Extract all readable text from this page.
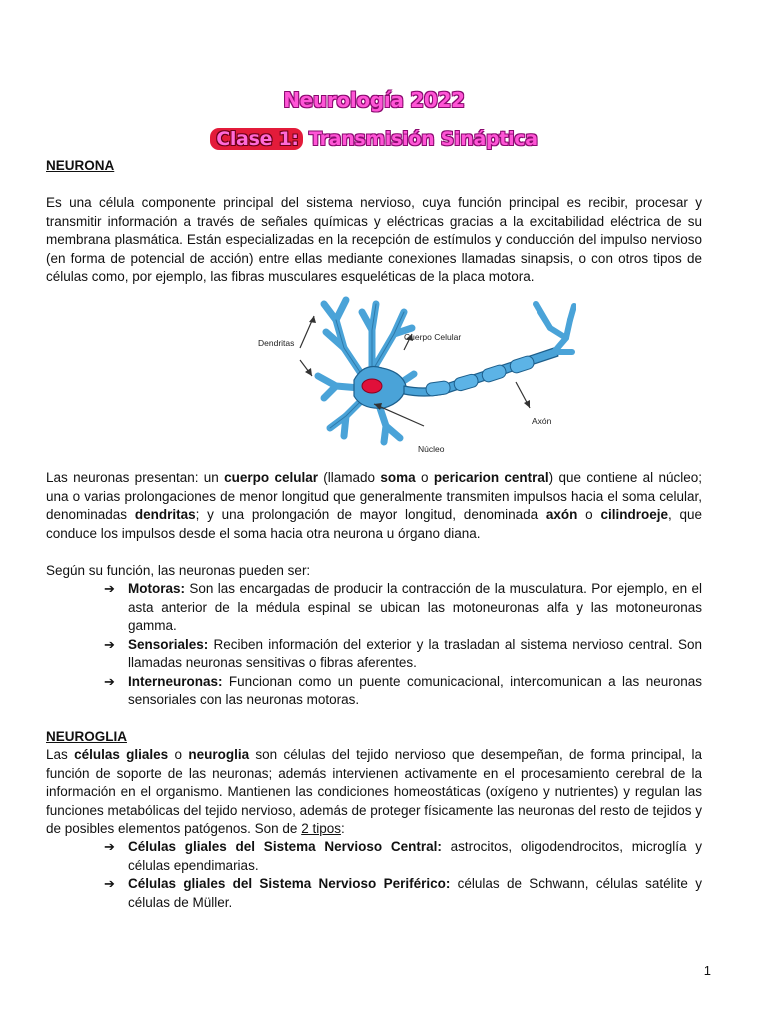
Neurología 2022
Clase 1: Transmisión Sináptica
NEURONA

Es una célula componente principal del sistema nervioso, cuya función principal es recibir, procesar y transmitir información a través de señales químicas y eléctricas gracias a la excitabilidad eléctrica de su membrana plasmática. Están especializadas en la recepción de estímulos y conducción del impulso nervioso (en forma de potencial de acción) entre ellas mediante conexiones llamadas sinapsis, o con otros tipos de células como, por ejemplo, las fibras musculares esqueléticas de la placa motora.

Dendritas
Cuerpo Celular
Axón
Núcleo

Las neuronas presentan: un cuerpo celular (llamado soma o pericarion central) que contiene al núcleo; una o varias prolongaciones de menor longitud que generalmente transmiten impulsos hacia el soma celular, denominadas dendritas; y una prolongación de mayor longitud, denominada axón o cilindroeje, que conduce los impulsos desde el soma hacia otra neurona u órgano diana.

Según su función, las neuronas pueden ser:

➔ Motoras: Son las encargadas de producir la contracción de la musculatura. Por ejemplo, en el asta anterior de la médula espinal se ubican las motoneuronas alfa y las motoneuronas gamma.
➔ Sensoriales: Reciben información del exterior y la trasladan al sistema nervioso central. Son llamadas neuronas sensitivas o fibras aferentes.
➔ Interneuronas: Funcionan como un puente comunicacional, intercomunican a las neuronas sensoriales con las neuronas motoras.
NEUROGLIA

Las células gliales o neuroglia son células del tejido nervioso que desempeñan, de forma principal, la función de soporte de las neuronas; además intervienen activamente en el procesamiento cerebral de la información en el organismo. Mantienen las condiciones homeostáticas (oxígeno y nutrientes) y regulan las funciones metabólicas del tejido nervioso, además de proteger físicamente las neuronas del resto de tejidos y de posibles elementos patógenos. Son de 2 tipos:

➔ Células gliales del Sistema Nervioso Central: astrocitos, oligodendrocitos, microglía y células ependimarias.
➔ Células gliales del Sistema Nervioso Periférico: células de Schwann, células satélite y células de Müller.
1
